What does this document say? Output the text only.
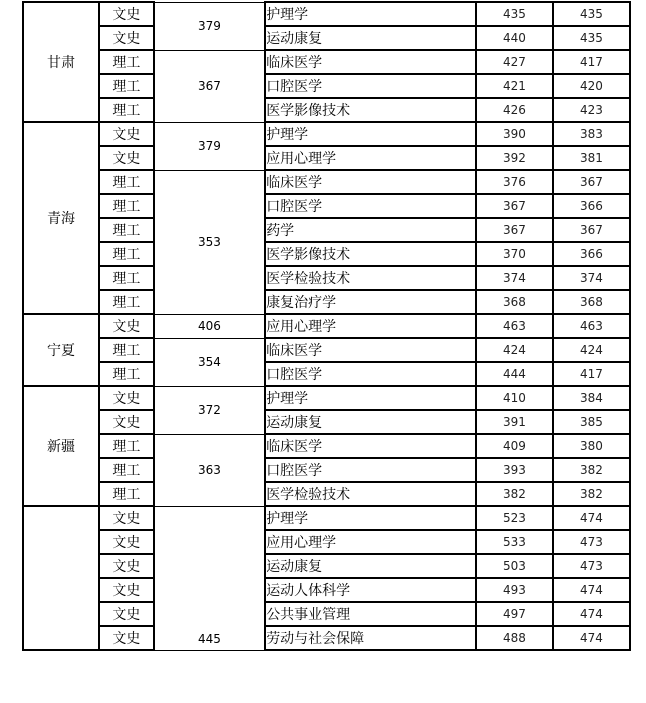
甘肃	文史	379	护理学	435	435
	文史		运动康复	440	435
	理工	367	临床医学	427	417
	理工		口腔医学	421	420
	理工		医学影像技术	426	423
青海	文史	379	护理学	390	383
	文史		应用心理学	392	381
	理工	353	临床医学	376	367
	理工		口腔医学	367	366
	理工		药学	367	367
	理工		医学影像技术	370	366
	理工		医学检验技术	374	374
	理工		康复治疗学	368	368
宁夏	文史	406	应用心理学	463	463
	理工	354	临床医学	424	424
	理工		口腔医学	444	417
新疆	文史	372	护理学	410	384
	文史		运动康复	391	385
	理工	363	临床医学	409	380
	理工		口腔医学	393	382
	理工		医学检验技术	382	382
	文史	445	护理学	523	474
	文史		应用心理学	533	473
	文史		运动康复	503	473
	文史		运动人体科学	493	474
	文史		公共事业管理	497	474
	文史		劳动与社会保障	488	474
